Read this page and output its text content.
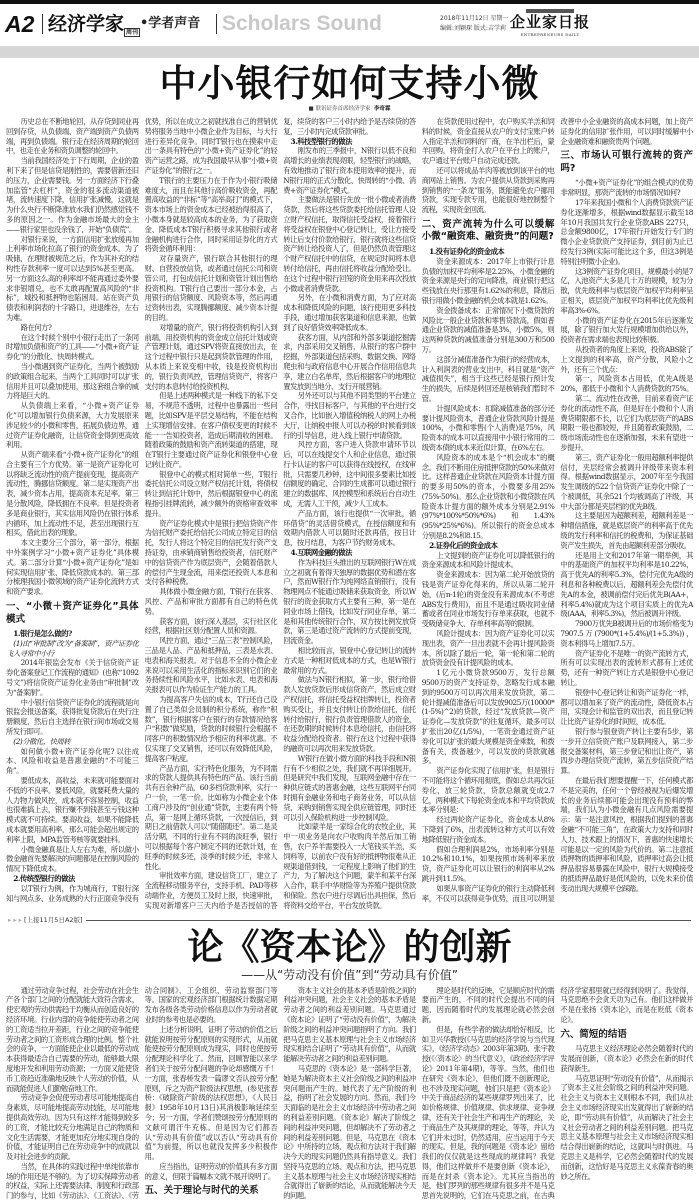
A2 经济学家 周刊
•学者声音 Scholars Sound	2018年11月12日 星期一
编辑:刘颖琛 版式:吉学莉 企业家日报
ENTREPRENEURS DAILY
中小银行如何支持小微
■ 联讯证券首席经济学家 李奇霖

历史总在不断地轮回，从存贷到同业再回到存贷，从负债端、资产端到资产负债两端，再到负债端。银行走在经济周期的轮回中，也走在业务和资负调整的轮回中。

当前我国经济处于下行周期，企业的盈利下来了但是信贷是刚性的，需要借新还旧的压力，企业需要钱。另一方面经济下行叠加监管“去杠杆”，资金的很多流动渠道被堵，流转速度下降，信用扩张减慢，这就是为什么央行不断降准放水我们仍然感觉钱不多的原因之一。作为金融市场最大的金主——银行家里也没余钱了，开始“负债荒”。

对银行来说，一方面信用扩张放缓再加上利率市场化拉高了银行的资金成本。为了吸储，在理财被规范之后，作为其补充的结构性存款利率一度可以达到5%甚至更高。另一方面这么高的利率却不能再通过委外要求非银增兑，也不太敢再配置高风险的“非标”，城投和抵押物也陷困局。站在资产负债表和利润表的十字路口，进退维谷，左右为难。

路在何方?

在这个时候个别中小银行走出了一条同时增加负债和资产的工具——“小微+资产证券化”的分散化、快周转模式。

当小微遇到资产证券化，当两个被鼓励的政策组合起来，当两个工具同时可以扩张信用并且可以叠加使用，那这套组合拳的威力将是巨大的。

从负债端上来看，“小微+资产证券化”可以增加银行负债来源，大力发展原来涉足较少的小微和零售，拓展负债边界，通过资产证券化融资，让信贷资金得到更高效利用。

从资产端来看“小微+资产证券化”的组合主要有三个方优势。第一是资产证券化可以将缺乏流动性的资产提前变现，提高资产流动性，腾挪信贷额度。第二是实现资产出表，减少资本占用，提高资本充足率。第三是分散风险，降低拥在不良率。但是投资者多是商业银行，其实信用风险仍在银行体系内循环，加上流动性不足，甚至出现银行互相买，借此出表的现象。

本文主要分三个部分，第一部分，根据中外案例学习“小微+资产证券化”具体模式。第二部分计算“小微+资产证券化”是如何实现信用扩张、降低贷款成本的。第三部分梳理我国小微领域的资产证券化流转方式和资产要求。

一、“小微＋资产证券化”具体模式

1.银行是怎么做的?

(1)由“审批制”改为“备案制”，资产证券化飞入寻常中小行

2014年银监会发布《关于信贷资产证券化备案登记工作流程的通知》(也称“1092号文”)将信贷资产证券化业务由“审批制”改为“备案制”。

中小银行信贷资产证券化的流程就是向银监会报送备案，获得批复贷款后在央行注册额度，然后自主选择在银行间市场或交易所发行即可。

(2)分散化，快周转

如何做小微+资产证券化呢? 以往成本、风险和收益是普惠金融的“不可能三角”。

要低成本，高收益，未来就可能要面对不低的不良率。要低风险，就要耗费大量的人力物力做风控，成本就不容易控制，收益也很难搞上去，银行赚不到钱甚至亏钱这种模式就不可持续。要高收益，如果不能降低成本就要用高利率，那么可能会超出规定的利率上限，MPA监管考核等就要挂科。

小微金融真是让人左右为难，所以做小微金融首先要解决的问题都是在控制风险的情况下降低成本。

2.传统型银行的做法

以T银行为例，作为城商行，T银行深知与网点多、业务成熟的大行正面竞争没有优势，所以在成立之初就找准自己的营销优势将服务当地中小微企业作为目标，与大行进行差异化竞争。同时T银行也在摸索中走出一条具有特色的“小微+资产证券化”的轻资产运营之路，成为我国最早从事“小微+资产证券化”的银行之一。

T银行的主要压力在于作为小银行吸储难度大，而且在其他行高价吸收资金，再配置高收益的“非标”等“高举高打”的模式下，资本市场上的资金成本已经被抬得很高了，小微本身就是较高成本的业务，为了获取资金、降低成本T银行积极寻求其他银行或者金融机构进行合作，同时采用证券化的方式将资金循环利用：

对存量资产，银行联合其他银行的理财、自营投放信贷，或者通过信托公司和资管公司，打包成信托计划和资管计划出售给投资机构。T银行自己要出一部分本金，占用银行的信贷额度、风险资本等，然后再通过资转出表，实现腾挪额度、减少资本计提的目的。

对增量的资产，银行将投资机构引入到前端，用投资机构的资金成立信托计划或资产管理计划，通过SPV将资直接放出去，在这个过程中银行只是起到贷款管理的作用，从本质上来说变相中收，钱是投资机构出的，银行负责风控，管理信贷资产，将客户支付的本息转付给投资机构。

但是上述两种模式是一种线下的私下交易，不规范不透明，过程中也暴露出一些问题，比如SPV是平层交易结构，不能在结构上实现增信安排。在客户债权变更的时候不能一一告知投资者，造成后期清收的困难。随着政策的鼓励和资产流转渠道的搭建，现在T银行主要通过资产证券化和银登中心登记转让资产。

银登中心的模式相对简单一些，T银行委托信托公司设立财产权信托计划，将债权转让到信托计划中，然后根据银登中心的流程指引挂牌流转，减少额外的资格审查效率提升。

资产证券化模式中是银行把信贷资产作为信托财产委托给信托公司成立特定目的信托，发行人将这个特定目的信托发行资产支持证券，由承销商销售给投资者，信托财产中的信贷资产作为底层资产，会随着借款人的偿付产生现金流，用来偿还投资人本息和支付各种税费。

具体做小微金融方面，T银行在获客、风控、产品和审批方面都有自己的特色优势。

获客方面，该行深入基层，实行社区化经营，根据社区划分配置人员和资源。

风控方面，通过“三品三表”控制风险，三品是人品、产品和抵押品，三表是水表、电表和海关报表。对于信息不全的小微企业来说可以采用生活化的指标来识别它们的业务持续性和风险水平，比如水表、电表和海关报表可以作为验证生产能力的工具。

为提高客户失信的成本，T行还自己设置了自己类似会员制的积分系统，称作“积数”，银行根据客户在银行的存款情况给客户“积数”做奖励，贷款的时候银行会根据不同客户的积数情况给予相应的利率优惠。不仅实现了交叉销售，还可以有效降低风险，提高客户粘度。

产品方面，实行特色化服务，为不同需求的贷款人提供具有特色的产品。该行当前共有百余种产品，60多档贷款利率，实行一户一价，一笔一价。比如称为小微企业个体工商户涉及的“创业通”贷款，主要有两个特点，第一是网上循环贷款，一次授信后，到期日之前借款人可以“随借随还”。第二是灵活分期，不同的行业有不同的淡旺季，银行可以根据每个客户制定不同的还款计划，在旺季的时候多还，淡季的时候少还，非常人性化。

审批效率方面，建设信贷工厂，建立了全流程移动服务平台，支持手机、PAD等移动端作业，方便员工及时上报，快速审批，实现对新增客户三天内给予是否授信的答复，续贷的客户三小时内给予是否续贷的答复，三小时内完成贷款审批。

3.科技型银行的做法

刚发布的三季报中，N银行以低不良和高增长的业绩表现亮眼，轻型银行的战略，有效地推动了银行资本使用效率的提升，而N银行用的正式分散化、快周转的“小微、消费+资产证券化”模式。

主要做法是银行先放一批小微或者消费贷款，然后将这些贷款委托给信托管理人设立财产权信托，取得信托受益权，接着银行将受益权在银登中心登记转让，受让方接受转让后支付价款给银行，银行就将这些信贷资产转让给投资人了，但是仍然负责管理这个财产权信托中的信贷，在规定时间将本息转付给信托，再由信托将收益分配给受让。在这个过程中银行回笼的资金用来再次投放小微或者消费贷款。

另外，在小微和消费方面，为了应对高成本和降低风险的问题，该行使用更多科技手段，通过增加获客渠道和信息来源，也做到了良好借贷效率降低成本。

获客方面，从内部和外部多渠道挖掘需求，内部采用交叉销售，从银行的客户群中挖掘，外部渠道包括采购、数据交换、网络爬虫和与政府信息中心开展合作信用信息共享，建立白名单库，然后根据客户的地理位置发放到当地分、支行开展营销。

另外还可以与其他不同类型的平台建立合作，寻找目标客户，与其他的平台进行交叉合作，比如嵌入增值税纳税人的网上办税大厅，让纳税申报人可以办税的时候看到该行的引导信息，进入线上银行申请贷款。

风控方面，客户进入贷款申请环节以后，可以在线提交个人和企业信息，通过银行卡认证的客户可以获得在线授权，在线审批，只需要几秒钟，这中间很多要素比如授信额度的确定、合同的生成都可以通过银行建立的数据库、风控模型和系统后台自动生成，无需人工干预，减少人工成本。

产品方面，该行也提供“一次审批，循环借贷”的灵活借贷模式，在授信额度和有效期内借款人可以随时还款再借，按日计息，按月结息，为客户节约财务成本。

4.互联网金融的做法

作为科技巨头推出的互联网银行W在成立之初就有着得天独厚的数据优势和潜在客户，然而W银行作为纯网络直销银行，没有物理网点不能通过吸储来获取资金，所以W银行的资金获取方式主要有三种，第一是在同业市场上借钱，比如发行同业存单，第二是和其他传统银行合作，双方按比例发放贷款，第三是通过资产流转的方式提前变现，回流资金。

相比较而言，银登中心登记转让的流转方式是一种相对低成本的方式，也是W银行最常用的方式。

做法与N银行相似，第一步，银行给借款人发放贷款后形成信贷资产，然后成立财产权信托，将信托受益权挂牌转让，投资者购买受让，并且支付转让价款给信托，信托转付给银行，银行负责管理借款人的资金，在还款期的时候转付本息给信托，由信托将收益分配给投资者。银行在这个过程中获得的融资可以再次用来发放贷款。

W银行在做小微方面的科技手段和N银行有不少相似之处，我们就不再详细展开。但是研究中我们发现，互联网金融中存在一种供应链式的普惠金融，这些互联网平台同时拥有金融业务和电子商务业务，可以从信贷，采购到销售实现全供应链管理，同时还可以引入保险机构进一步控制风险。

比如蒙羊是一家综合化的农牧企业，其中一项业务是向农户收购肉羊然后加工销售，农户养羊需要投入一大笔钱买羊羔，买饲料等，以前农户没有好的抵押物很难从正规渠道借到钱，一定程度上影响了他们的生产力，为了解决这个问题，蒙羊和某平台深入合作，联手中华财险等为养殖户提供贷款和保险。然农户进行尽调后出具担保，然后将资料交给平台，平台发放贷款。

在贷款使用过程中，农户购买羊羔和饲料的时候，资金直接从农户的支付宝账户转入指定羊羔和饲料的厂商，在羊出栏后，蒙羊回购，将资金打入农户在平台上的账户，农户通过平台账户自动完成还款。

还可以将成品羊肉等被放到该平台的电商网站上销售。为农户提供从贷款到采购再到销售的“一条龙”服务，既能避免农户挪用贷款，实现专款专用，也能很好地控制整个流程，实现资金回流。

二、资产流转为什么可以缓解小微“融资难、融资贵”的问题?

1.没有证券化的资金成本

资金来源成本：2017年上市银行计息负债的加权平均利率是2.25%，小微金融的资金来源是央行的定向降准，商业银行把这些钱放在央行那里有1.62%的利息，降准后银行用做小微金融的机会成本就是1.62%。

资金拨备成本：正常情况下小微贷款的风险比一般企业贷款和零售贷款高，假如普通企业贷款的减值准备是3%，小微5%，则这两种贷款的减值准备分别是300万和500万。

这部分减值准备作为银行的经营成本，计入利润表的营业支出中，科目就是“资产减值损失”，相当于这些已经是银行预计发生的损失，后续是转回还是核销我们暂时不管。

计提风险成本：扣除减值准备的部分还要计提风险资本，普通企业贷款风险计提是100%，小微和零售(个人消费)是75%，风险资本的成本可以直接用中小银行常用的二级资本债的成本来近似计算，在6%左右。

风险资本的成本是个“机会成本”的概念。我们不断用住房抵押贷款的50%来做对比。这样普通企业贷款在风险资本计提方面的要多用50%的资本，小微要多用25%(75%-50%)。那么企业贷款和小微贷款在风险资本计提方面的额外成本分别是2.91%(97%*100%*50%*6%)和1.43%(95%*25%*6%)。所以银行的资金总成本分别是8.2%和8.15。

2.证券化后的资金成本

上文提到的资产证券化可以降低银行的资金来源成本和风险计提成本。

资金来源成本：因为第二轮开始放贷的钱是资产证券化得来的，所以从第二轮开始，(后n-1轮)的资金没有来源成本(不考虑ABS发行费用)，而且不是通过吸收同业储蓄或者在同业市场发行存单来获取，也就不受吸储竞争大、存单利率高等的限制。

风险计提成本：因为资产证券化可以实现出表，资产一旦出表就不会再计提风险资本，所以除了最后一轮，第一轮和第二轮的放贷资金没有计提风险的成本。

1亿元小微贷款9500万，发行总额9500万的资产支持证券，忽略发行成本融到的9500万可以再次用来发放贷款，第二轮计提减值准备后可以发放9025万(10000*(1-5%)^2)的贷款，经过“发放贷款—资产证券化—发放贷款”的往复循环，最多可以扩张出20亿(1/5%)，一笔资金通过资产证券化可以扩张的最大规模是资金乘数，和拨备有关，拨备越少，可以发放的贷款就越多。

资产证券化实现了信用扩张，但是银行不可能将这个循环用彻底，假如总共再次证券化，放三轮贷款，贷款总额就变成2.7亿，两种模式下每轮资金成本和平均贷款成本率分别是：

经过两轮资产证券化，资金成本从8%下降到了6%，出表流转这种方式可以有效地降低银行资金成本。

假如合理利润是2%，市场利率分别是10.2%和10.1%，如果按照市场利率来放贷，资产证券化可以让银行的利润率从2%跳升到11.5%。

如果从事资产证券化的银行主动降低利率，不仅可以获得竞争优势，而且可以明显改善中小企业融资的高成本问题，加上资产证券化的信用扩张作用，可以同时缓解中小企业融资难和融资贵两个问题。

三、市场认可银行流转的资产吗?

“小微+资产证券化”的组合模式的优势非常明显，那资产流转的市场情况如何?

17年来我国小微和个人消费贷款资产证券化逐渐增多，根据wind数据显示截至18年10月我国共发行企业贷款ABS 227只，总金额9800亿，17年银行开始发行专门的微小企业贷款资产支持证券，到目前为止已经发行3例(实际可能比这个多，但这3例是特别注明微小企业)。

这3例资产证券化项目，规模最小的是7亿，入池资产大多是几十万的规模，较为分散，优先级利率与底层资产加权平均利率呈正相关，底层资产加权平均利率比优先级利率高3%-6%。

小微的资产证券化在2015年后逐渐发展，除了银行加大发行规模增加供给以外，投资者在需求端也表现比较积极。

从投资者的角度上来说，投资ABS除了上文提到的利率高，资产分散，风险小之外，还有三个优点：

第一，风险资本占用低，优先A级是20%，都低于小微和个人消费贷款的75%。

第二，流动性在改善，目前来看资产证券化的流动性不高，但是好在小微和个人消费贷期限都不长，以它们为底层资产的ABS期限一般也都较短，并且随着政策鼓励，二级市场流动性也在逐渐加强，未来有望进一步提升。

第三，资产证券化一般用超额利率提供信付，夹层经常会被调升评级带来资本利得。根据wind数据显示，2007年至今我国发生调级的522个信贷资产证券化中除了一个被调低，其余521个均被调高了评级，其中大部分都是夹层档的优先B级。

这主要是因为超额利差，超额利差是一种增信措施，就是底层资产的利率高于优先级的发行利率和信托的税费和，为保证基础资产发生损失，首先由超额利差部分吸收。

还是用上文和2017年第一期举例，其中的基础资产的加权平均利率是10.22%，高于优先A的利率5.3%，偿付完优先A级的利息和各种税费以后，超额利差会先偿付优先A的本金，被调前偿付完后优先B(AA+，利率5.4%)就成为这个项目实质上的优先A级(AAA，利率5.3%)，然后被调升评级。

7900万优先B被调升后的市场价格变为7907.5万(7900*(1+5.4%)/(1+5.3%))，资本利得马上增加7.5万。

资产证券化不是唯一的资产流转方式，所有可以实现出表的流转形式都有上述优势，还有一种资产转让方式是银登中心登记转让。

银登中心登记转让和资产证券化一样，都可以增加来了资产的流动性，降低资本占用，实现会计和监管的双出表，而且登记转让比资产证券化的时间短，成本低。

银行参与银登资产转让主要有5步，第一步开立信贷资产账户及联网接入，第二步报交备案材料，第三步登记和出让资产，第四步办理信贷资产流转，第五步信贷资产结算。

在最后我们想要提醒一下，任何模式都不是完美的，任何一个曾经被视为后爆发增长的业务后续都可能会出现没有预料的弊端，我们认为小微金融有几点风险需要提示：第一是注意风控，根据我们提到的普惠金融“不可能三角”，在政策大力支持和同时人力、技术跟上的情况下，普惠的快速增长可能是以一定的风险为代价的。第二注意抵质押物的质押率和风险，质押率过高会让抵押品很容易暴露在风险中，银行大规模接受的抵质押品最好是低风险的，以免未来价值变动出现大规模平仓踩踏。

▸ ▸ ▸ [上接11月5日A2版]
论《资本论》的创新
——从“劳动没有价值”到“劳动具有价值”

通过劳动竞争过程，社会劳动在社会生产各个部门之间的分配就能大致符合需求，使宏观的劳动供需趋于均衡从而创造良好的经济环境。行业内部的竞争能使劳动者之间的工资适当拉开差距，行业之间的竞争能使劳动者之间的工资形成合理的比例。整个社会的竞争，一方面能使企业以最低的劳动成本获得最适合自己需要的劳动，能够最大限度地开发和利用劳动资源；一方面又能使货币工资趋近准确地反映个人劳动的价值，从而就能促进人们勤勉奋地工作。

劳动竞争会促使劳动者尽可能地提高自身素质，尽可能地提高劳动技能，尽可能地提供高效劳动。因为只有这样才能得到较多的工资，才能比较充分地满足自己的物质和文化生活需要，才能更加充分地实现自身的价值，才能证明自己在劳动竞争中的成就以及对社会进步的贡献。

当然，在具体的实践过程中单纯依靠市场的作用还是不够的。为了切实保障劳动者的权益，实际上还需要法律、制度和行政部门的参与，比如《劳动法》、《工资法》、《劳动合同制》、工会组织、劳动监察部门等等。国家的宏观经济部门根据统计数据定期发布各级各类劳动价格信息以作为劳动者就业时的参考也是必要的。

上述分析说明，证明了劳动的价值之后就能说明按劳分配原则的实现形式，从而就能使按劳分配原则成为现实，同时也使按劳分配理论科学化了。然而，回顾智能以来学者们关于按劳分配问题的争论却感慨万千！一方面，张春桥发表一篇谬文否认按劳分配原则，斥之为资产阶级法权思想，(参见张春桥：《破除资产阶级的法权思想》，《人民日报》1958年10月13日)其消极影响延续至今；另一方面，学者们赞颂按劳分配原则的文献可谓汗牛充栋。但是因为它们都否认“劳动具有价值”或以否认“劳动具有价值”为前提，所以也就没发挥多少积极作用。

应当指出，证明劳动的价值具有多方面的意义，但限于篇幅本文就不展开说明了。

五、关于理论与时代的关系

资本主义社会的基本矛盾是阶级之间的利益冲突问题，社会主义社会的基本矛盾是劳动者之间的利益差别问题。马克思通过《资本论》证明了“劳动没有价值”，为解决阶级之间的利益冲突问题指明了方向。我们把马克思主义基本原理与社会主义市场经济现实相结合证明了“劳动具有价值”，从而就能解决劳动者之间的利益差别问题。

马克思的《资本论》是一部科学巨著，她是为解决资本主义社会阶级之间的利益冲突问题而产生的。她代表了无产阶级的利益，指明了社会发展的方向。然而，我们今天面临的是社会主义市场经济中劳动者之间的利益差别问题。《资本论》解决了阶级之间的利益冲突问题，但却解决不了劳动者之间的利益差别问题。但是，马克思在《资本论》中所持的立场、观点和方法对于我们解决今天的现实问题仍然具有指导意义。我们坚持马克思的立场、观点和方法，把马克思主义基本原理与社会主义市场经济现实相结合就得出了崭新的结论，从而就能解决今天的问题。

理论是时代的反映，它是顺应时代的需要而产生的，不同的时代会提出不同的问题，因而随着时代的发展理论就必然会创新。

但是，有些学者的做法却恰好相反，比如卫兴华教授(《马克思的经济学说与当代现实》，《经济学动态》2003年第3期)、张宇教授(《〈资本论〉的当代意义》，《政治经济学评论》2011年第4期)，等等。当然，他们也在研究《资本论》，但他们既不创新理论，也不涉及现实问题，他们只是把《资本论》中关于商品经济的某些规律罗列出来了，比如价格规律、价值规律、供求规律、竞争规律，还有关于社会生产和再生产的理论，关于商品生产及其规律的理论，等等，并认为它们并未过时，仍然适用，应当运用于今天的现实。但是，我的问题是《资本论》留给我们的仅仅就是这些现成的规律吗？我觉得，他们这样做并不是要创新《资本论》，而是在封杀《资本论》。尤其应当指出的是，他们罗列的那些规律有很多并不是马克思首先说明的，它们在马克思之前，在古典经济学家那里就已经得到说明了。我觉得，马克思绝不会贪天功为己有。他们这样做并不是在张扬《资本论》，而是在贬低《资本论》。

六、简短的结语

马克思主义经济理论必然会随着时代的发展而创新，《资本论》必然会在新的时代获得新生。

马克思证明“劳动没有价值”，从而揭示了资本主义社会阶级之间的利益冲突问题。社会主义与资本主义则根本不同，我们从社会主义市场经济现实出发就得出了崭新的结论，即“劳动具有价值”，从而解决了社会主义社会劳动者之间的利益差别问题。把马克思主义基本原理与社会主义市场经济现实相结合得出崭新的结论，这就叫与时俱进。马克思主义是科学，它必然会随着时代的发展而创新，这恰好是马克思主义永葆青春的奥妙之所在。
